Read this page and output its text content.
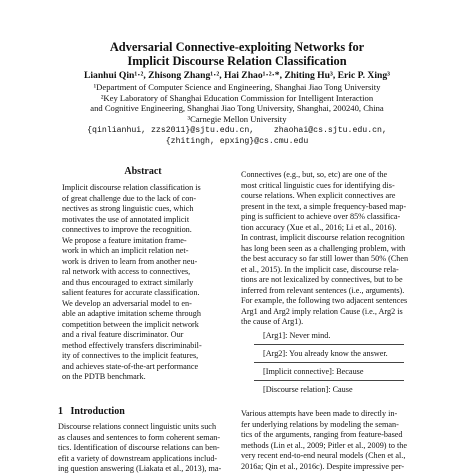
Adversarial Connective-exploiting Networks for
Implicit Discourse Relation Classification
Lianhui Qin¹·², Zhisong Zhang¹·², Hai Zhao¹·²·*, Zhiting Hu³, Eric P. Xing³
¹Department of Computer Science and Engineering, Shanghai Jiao Tong University
²Key Laboratory of Shanghai Education Commission for Intelligent Interaction
and Cognitive Engineering, Shanghai Jiao Tong University, Shanghai, 200240, China
³Carnegie Mellon University
{qinlianhui, zzs2011}@sjtu.edu.cn,    zhaohai@cs.sjtu.edu.cn,
{zhitingh, epxing}@cs.cmu.edu
Abstract
Implicit discourse relation classification is
of great challenge due to the lack of con-
nectives as strong linguistic cues, which
motivates the use of annotated implicit
connectives to improve the recognition.
We propose a feature imitation frame-
work in which an implicit relation net-
work is driven to learn from another neu-
ral network with access to connectives,
and thus encouraged to extract similarly
salient features for accurate classification.
We develop an adversarial model to en-
able an adaptive imitation scheme through
competition between the implicit network
and a rival feature discriminator. Our
method effectively transfers discriminabil-
ity of connectives to the implicit features,
and achieves state-of-the-art performance
on the PDTB benchmark.
1   Introduction
Discourse relations connect linguistic units such
as clauses and sentences to form coherent seman-
tics. Identification of discourse relations can ben-
efit a variety of downstream applications includ-
ing question answering (Liakata et al., 2013), ma-
Connectives (e.g., but, so, etc) are one of the
most critical linguistic cues for identifying dis-
course relations. When explicit connectives are
present in the text, a simple frequency-based map-
ping is sufficient to achieve over 85% classifica-
tion accuracy (Xue et al., 2016; Li et al., 2016).
In contrast, implicit discourse relation recognition
has long been seen as a challenging problem, with
the best accuracy so far still lower than 50% (Chen
et al., 2015). In the implicit case, discourse rela-
tions are not lexicalized by connectives, but to be
inferred from relevant sentences (i.e., arguments).
For example, the following two adjacent sentences
Arg1 and Arg2 imply relation Cause (i.e., Arg2 is
the cause of Arg1).
[Arg1]: Never mind.
[Arg2]: You already know the answer.
[Implicit connective]: Because
[Discourse relation]: Cause
Various attempts have been made to directly in-
fer underlying relations by modeling the seman-
tics of the arguments, ranging from feature-based
methods (Lin et al., 2009; Pitler et al., 2009) to the
very recent end-to-end neural models (Chen et al.,
2016a; Qin et al., 2016c). Despite impressive per-
